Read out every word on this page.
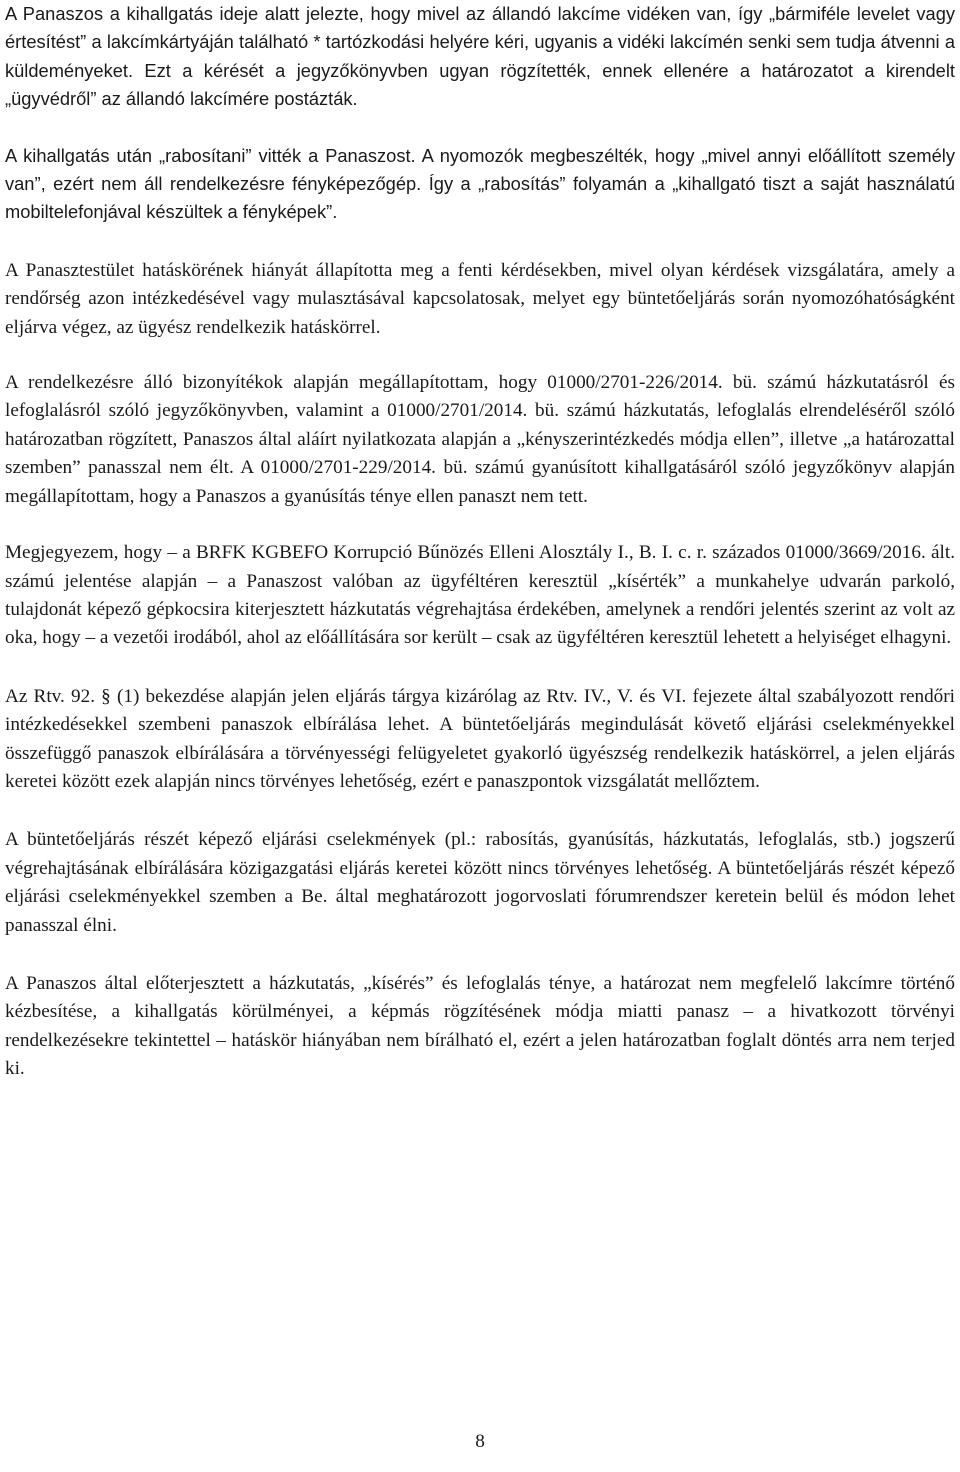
A Panaszos a kihallgatás ideje alatt jelezte, hogy mivel az állandó lakcíme vidéken van, így „bármiféle levelet vagy értesítést” a lakcímkártyáján található * tartózkodási helyére kéri, ugyanis a vidéki lakcímén senki sem tudja átvenni a küldeményeket. Ezt a kérését a jegyzőkönyvben ugyan rögzítették, ennek ellenére a határozatot a kirendelt „ügyvédről” az állandó lakcímére postázták.

A kihallgatás után „rabosítani” vitték a Panaszost. A nyomozók megbeszélték, hogy „mivel annyi előállított személy van”, ezért nem áll rendelkezésre fényképezőgép. Így a „rabosítás” folyamán a „kihallgató tiszt a saját használatú mobiltelefonjával készültek a fényképek”.

A Panasztestület hatáskörének hiányát állapította meg a fenti kérdésekben, mivel olyan kérdések vizsgálatára, amely a rendőrség azon intézkedésével vagy mulasztásával kapcsolatosak, melyet egy büntetőeljárás során nyomozóhatóságként eljárva végez, az ügyész rendelkezik hatáskörrel.

A rendelkezésre álló bizonyítékok alapján megállapítottam, hogy 01000/2701-226/2014. bü. számú házkutatásról és lefoglalásról szóló jegyzőkönyvben, valamint a 01000/2701/2014. bü. számú házkutatás, lefoglalás elrendeléséről szóló határozatban rögzített, Panaszos által aláírt nyilatkozata alapján a „kényszerintézkedés módja ellen”, illetve „a határozattal szemben” panasszal nem élt. A 01000/2701-229/2014. bü. számú gyanúsított kihallgatásáról szóló jegyzőkönyv alapján megállapítottam, hogy a Panaszos a gyanúsítás ténye ellen panaszt nem tett.

Megjegyezem, hogy – a BRFK KGBEFO Korrupció Bűnözés Elleni Alosztály I., B. I. c. r. százados 01000/3669/2016. ált. számú jelentése alapján – a Panaszost valóban az ügyféltéren keresztül „kísérték” a munkahelye udvarán parkoló, tulajdonát képező gépkocsira kiterjesztett házkutatás végrehajtása érdekében, amelynek a rendőri jelentés szerint az volt az oka, hogy – a vezetői irodából, ahol az előállítására sor került – csak az ügyféltéren keresztül lehetett a helyiséget elhagyni.

Az Rtv. 92. § (1) bekezdése alapján jelen eljárás tárgya kizárólag az Rtv. IV., V. és VI. fejezete által szabályozott rendőri intézkedésekkel szembeni panaszok elbírálása lehet. A büntetőeljárás megindulását követő eljárási cselekményekkel összefüggő panaszok elbírálására a törvényességi felügyeletet gyakorló ügyészség rendelkezik hatáskörrel, a jelen eljárás keretei között ezek alapján nincs törvényes lehetőség, ezért e panaszpontok vizsgálatát mellőztem.

A büntetőeljárás részét képező eljárási cselekmények (pl.: rabosítás, gyanúsítás, házkutatás, lefoglalás, stb.) jogszerű végrehajtásának elbírálására közigazgatási eljárás keretei között nincs törvényes lehetőség. A büntetőeljárás részét képező eljárási cselekményekkel szemben a Be. által meghatározott jogorvoslati fórumrendszer keretein belül és módon lehet panasszal élni.

A Panaszos által előterjesztett a házkutatás, „kísérés” és lefoglalás ténye, a határozat nem megfelelő lakcímre történő kézbesítése, a kihallgatás körülményei, a képmás rögzítésének módja miatti panasz – a hivatkozott törvényi rendelkezésekre tekintettel – hatáskör hiányában nem bírálható el, ezért a jelen határozatban foglalt döntés arra nem terjed ki.

8
